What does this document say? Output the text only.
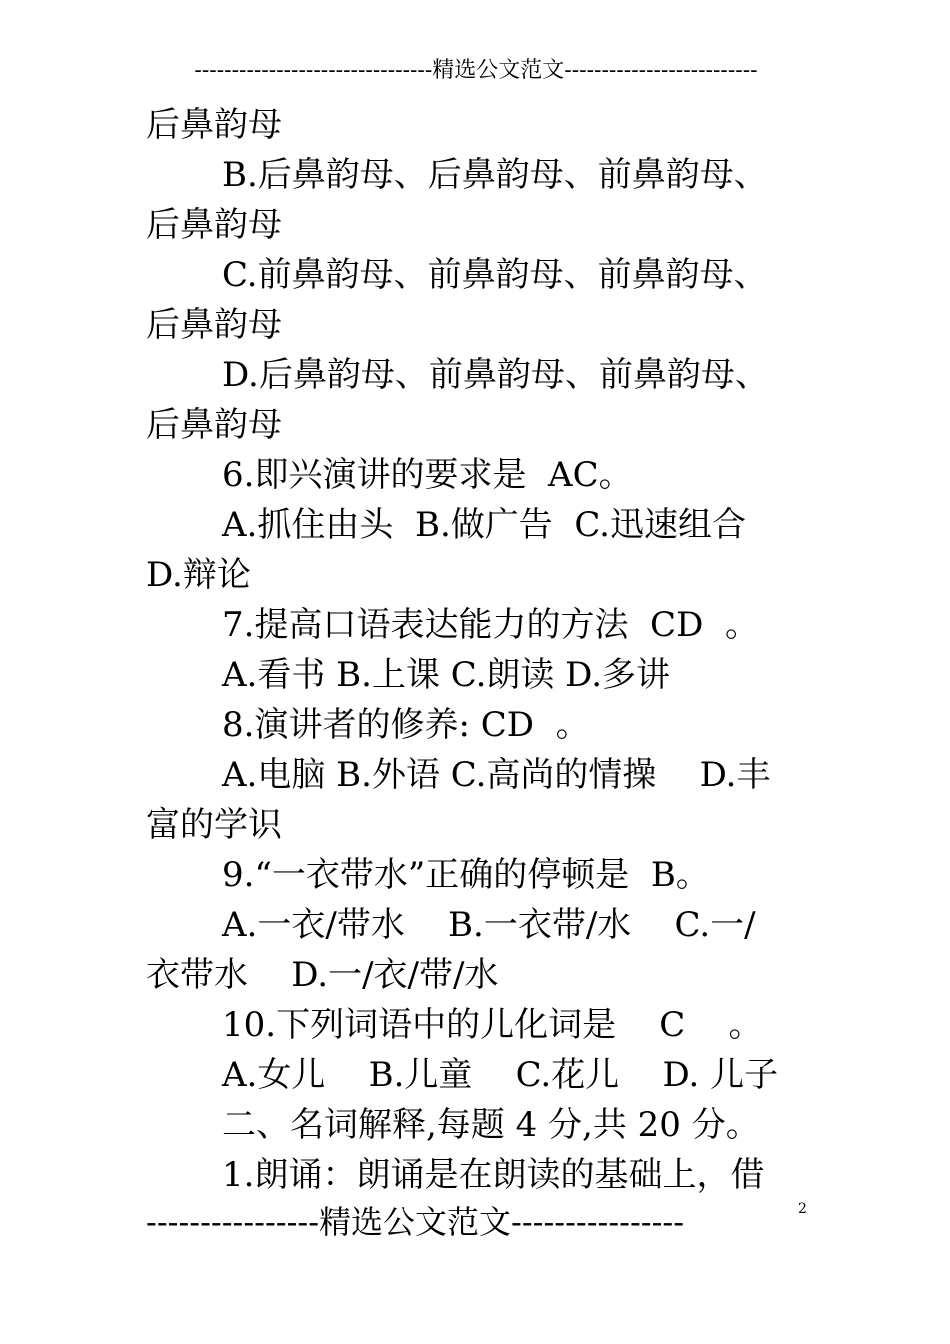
--------------------------------精选公文范文--------------------------
后鼻韵母
B.后鼻韵母、后鼻韵母、前鼻韵母、
后鼻韵母
C.前鼻韵母、前鼻韵母、前鼻韵母、
后鼻韵母
D.后鼻韵母、前鼻韵母、前鼻韵母、
后鼻韵母
6.即兴演讲的要求是  AC。
A.抓住由头  B.做广告  C.迅速组合
D.辩论
7.提高口语表达能力的方法  CD  。
A.看书 B.上课 C.朗读 D.多讲
8.演讲者的修养: CD  。
A.电脑 B.外语 C.高尚的情操    D.丰
富的学识
9.“一衣带水”正确的停顿是  B。
A.一衣/带水    B.一衣带/水    C.一/
衣带水    D.一/衣/带/水
10.下列词语中的儿化词是    C    。
A.女儿    B.儿童    C.花儿    D. 儿子
二、名词解释,每题 4 分,共 20 分。
1.朗诵：朗诵是在朗读的基础上，借
----------------精选公文范文----------------	2
